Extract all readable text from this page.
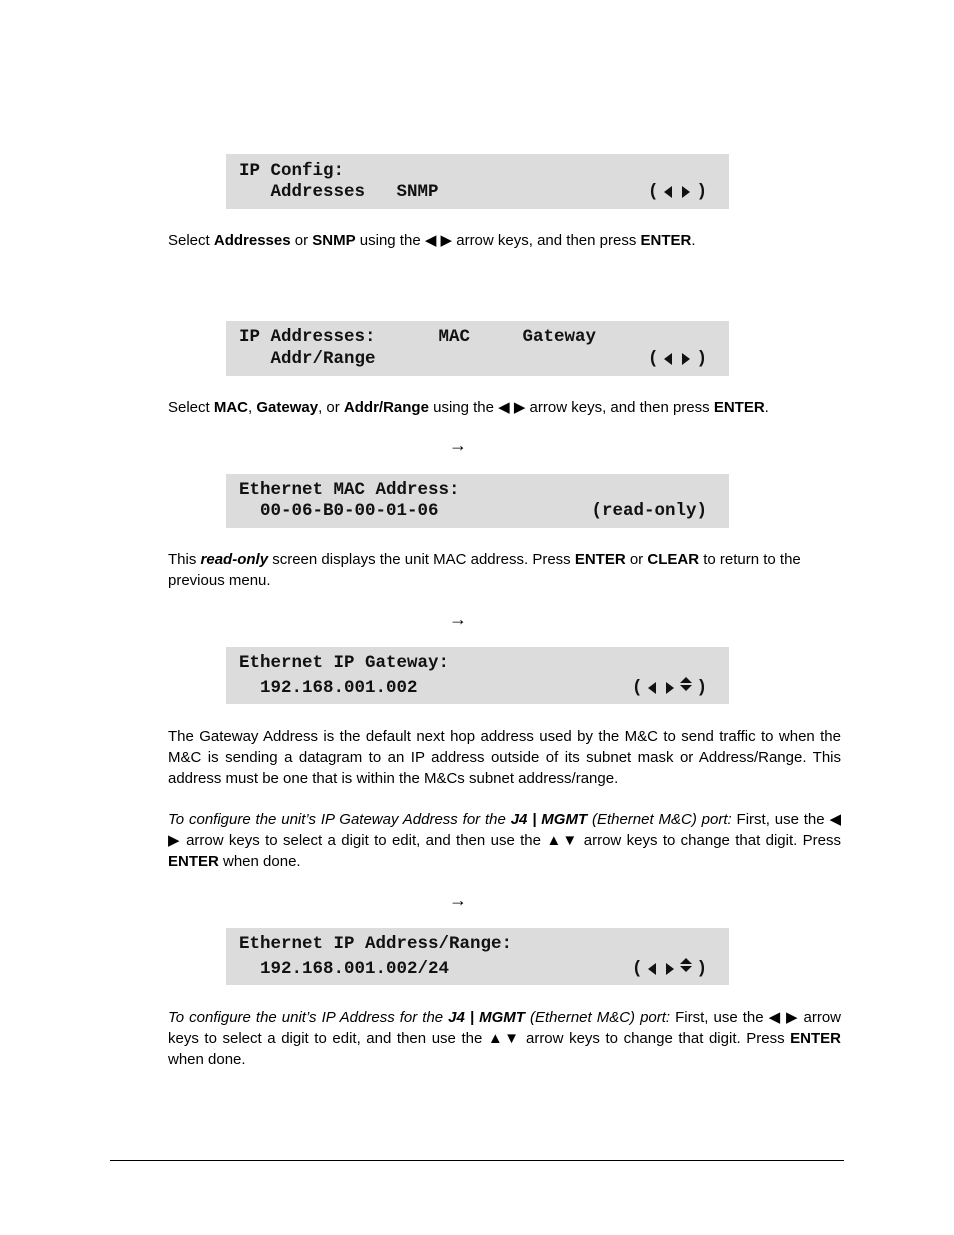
IP Config:
Addresses   SNMP	( )

Select Addresses or SNMP using the ◀ ▶ arrow keys, and then press ENTER.

IP Addresses:      MAC     Gateway
Addr/Range	( )

Select MAC, Gateway, or Addr/Range using the ◀ ▶ arrow keys, and then press ENTER.

→
Ethernet MAC Address:
00-06-B0-00-01-06	(read-only)

This read-only screen displays the unit MAC address. Press ENTER or CLEAR to return to the previous menu.

→
Ethernet IP Gateway:
192.168.001.002	(	)

The Gateway Address is the default next hop address used by the M&C to send traffic to when the M&C is sending a datagram to an IP address outside of its subnet mask or Address/Range. This address must be one that is within the M&Cs subnet address/range.

To configure the unit’s IP Gateway Address for the J4 | MGMT (Ethernet M&C) port: First, use the ◀ ▶ arrow keys to select a digit to edit, and then use the ▲▼ arrow keys to change that digit. Press ENTER when done.

→
Ethernet IP Address/Range:
192.168.001.002/24	(	)

To configure the unit’s IP Address for the J4 | MGMT (Ethernet M&C) port: First, use the ◀ ▶ arrow keys to select a digit to edit, and then use the ▲▼ arrow keys to change that digit. Press ENTER when done.
